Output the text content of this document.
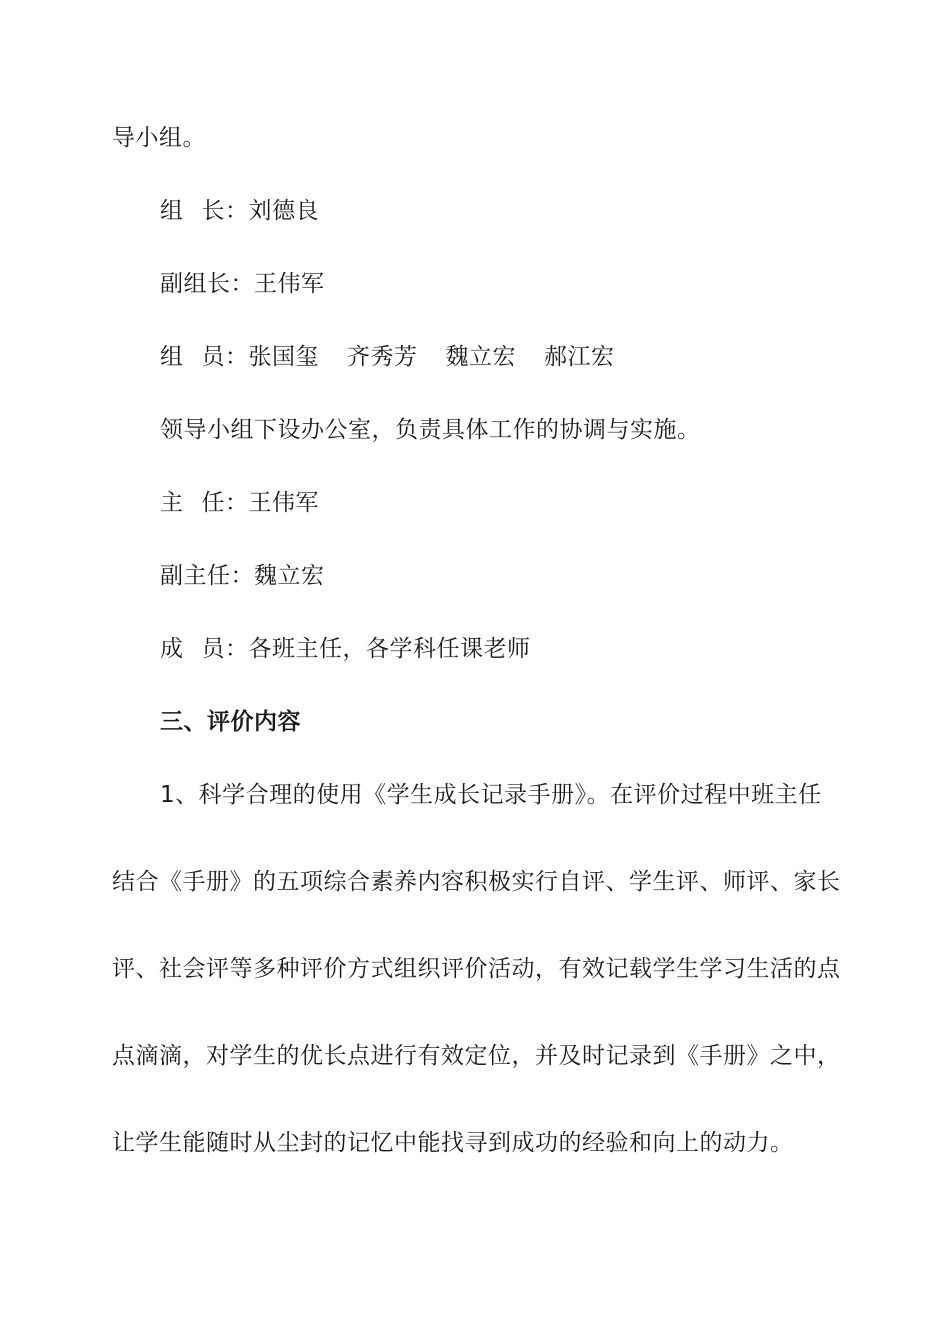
导小组。
组 长：刘德良
副组长：王伟军
组 员：张国玺 齐秀芳 魏立宏 郝江宏
领导小组下设办公室，负责具体工作的协调与实施。
主 任：王伟军
副主任：魏立宏
成 员：各班主任，各学科任课老师
三、评价内容
1、科学合理的使用《学生成长记录手册》。在评价过程中班主任
结合《手册》的五项综合素养内容积极实行自评、学生评、师评、家长
评、社会评等多种评价方式组织评价活动，有效记载学生学习生活的点
点滴滴，对学生的优长点进行有效定位，并及时记录到《手册》之中，
让学生能随时从尘封的记忆中能找寻到成功的经验和向上的动力。
